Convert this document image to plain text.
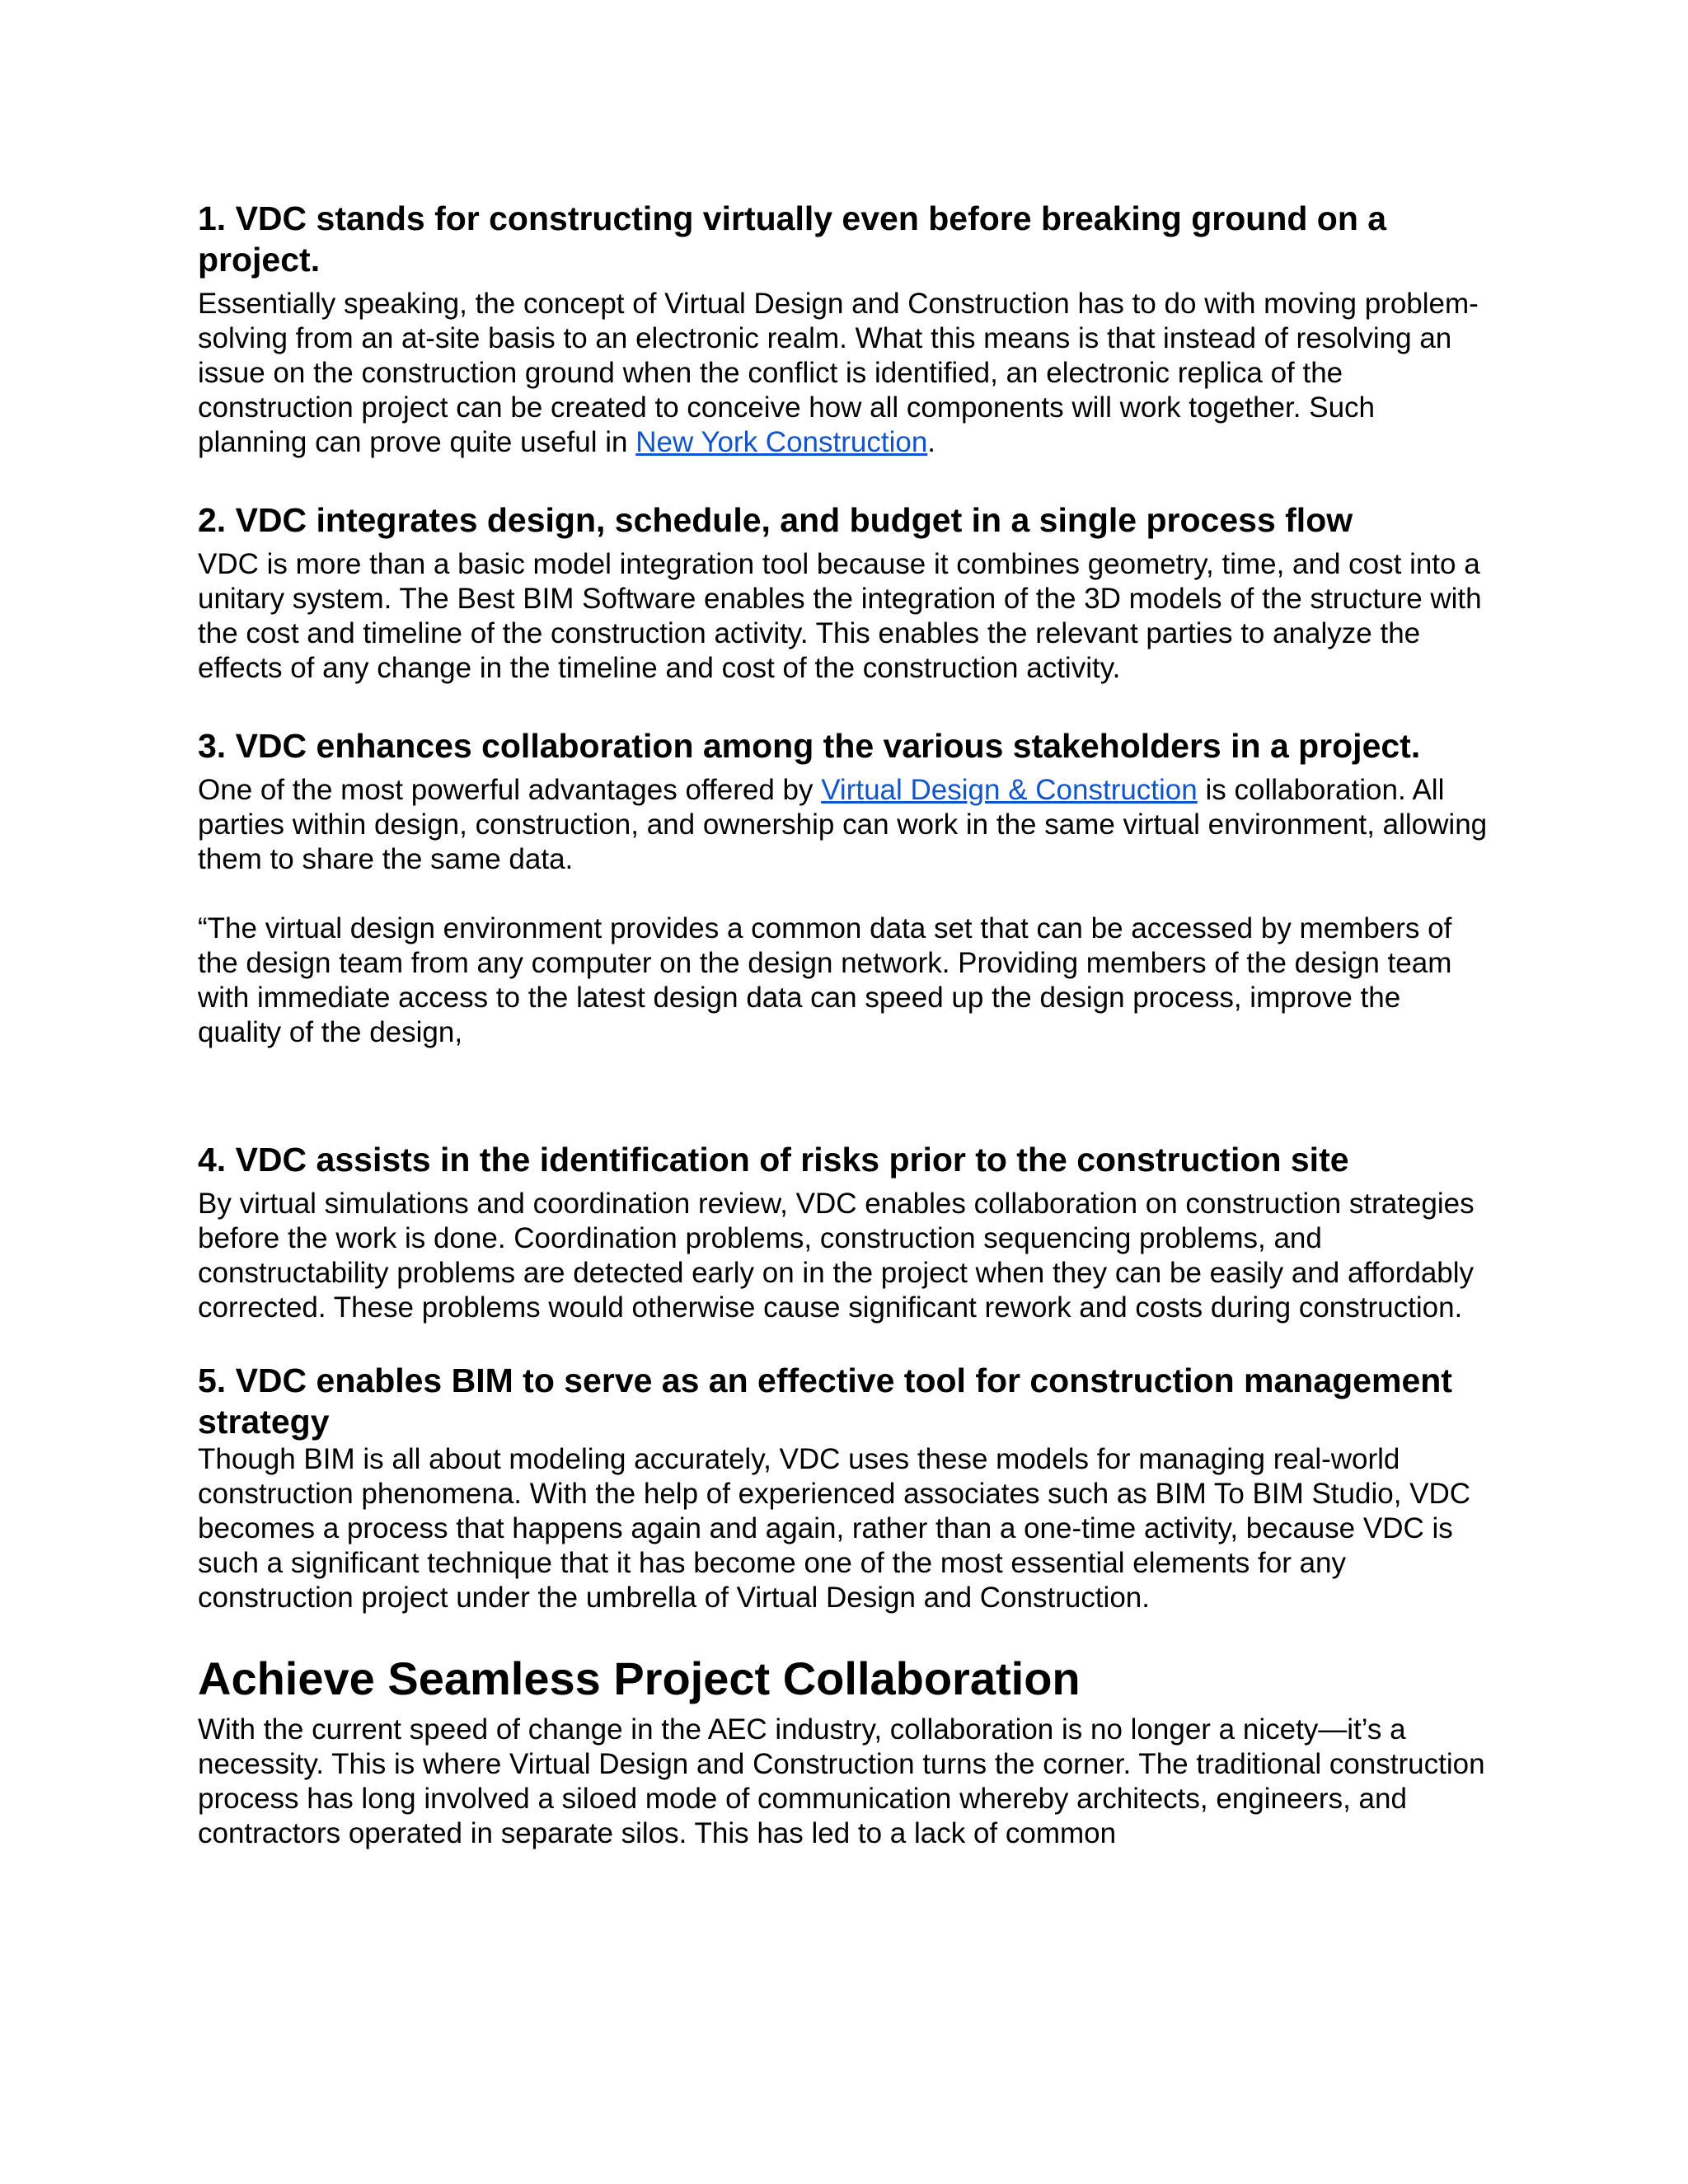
1. VDC stands for constructing virtually even before breaking ground on a project.

Essentially speaking, the concept of Virtual Design and Construction has to do with moving problem-solving from an at-site basis to an electronic realm. What this means is that instead of resolving an issue on the construction ground when the conflict is identified, an electronic replica of the construction project can be created to conceive how all components will work together. Such planning can prove quite useful in New York Construction.

2. VDC integrates design, schedule, and budget in a single process flow

VDC is more than a basic model integration tool because it combines geometry, time, and cost into a unitary system. The Best BIM Software enables the integration of the 3D models of the structure with the cost and timeline of the construction activity. This enables the relevant parties to analyze the effects of any change in the timeline and cost of the construction activity.

3. VDC enhances collaboration among the various stakeholders in a project.

One of the most powerful advantages offered by Virtual Design & Construction is collaboration. All parties within design, construction, and ownership can work in the same virtual environment, allowing them to share the same data.

“The virtual design environment provides a common data set that can be accessed by members of the design team from any computer on the design network. Providing members of the design team with immediate access to the latest design data can speed up the design process, improve the quality of the design,

4. VDC assists in the identification of risks prior to the construction site

By virtual simulations and coordination review, VDC enables collaboration on construction strategies before the work is done. Coordination problems, construction sequencing problems, and constructability problems are detected early on in the project when they can be easily and affordably corrected. These problems would otherwise cause significant rework and costs during construction.

5. VDC enables BIM to serve as an effective tool for construction management strategy

Though BIM is all about modeling accurately, VDC uses these models for managing real-world construction phenomena. With the help of experienced associates such as BIM To BIM Studio, VDC becomes a process that happens again and again, rather than a one-time activity, because VDC is such a significant technique that it has become one of the most essential elements for any construction project under the umbrella of Virtual Design and Construction.

Achieve Seamless Project Collaboration

With the current speed of change in the AEC industry, collaboration is no longer a nicety—it’s a necessity. This is where Virtual Design and Construction turns the corner. The traditional construction process has long involved a siloed mode of communication whereby architects, engineers, and contractors operated in separate silos. This has led to a lack of common
